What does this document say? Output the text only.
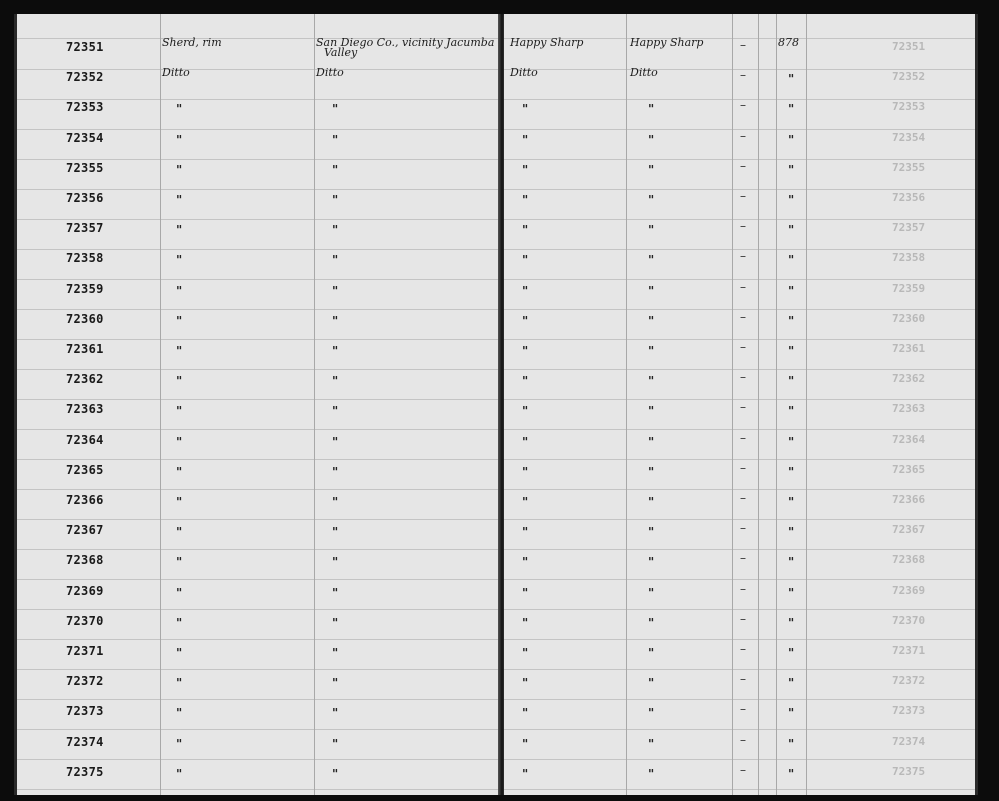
72351	Sherd, rim	San Diego Co., vicinity Jacumba
Valley
72352	Ditto	Ditto
72353	"	"
72354	"	"
72355	"	"
72356	"	"
72357	"	"
72358	"	"
72359	"	"
72360	"	"
72361	"	"
72362	"	"
72363	"	"
72364	"	"
72365	"	"
72366	"	"
72367	"	"
72368	"	"
72369	"	"
72370	"	"
72371	"	"
72372	"	"
72373	"	"
72374	"	"
72375	"	"
Happy Sharp	Happy Sharp	–	878	72351
Ditto	Ditto	–	"	72352
"	"	–	"	72353
"	"	–	"	72354
"	"	–	"	72355
"	"	–	"	72356
"	"	–	"	72357
"	"	–	"	72358
"	"	–	"	72359
"	"	–	"	72360
"	"	–	"	72361
"	"	–	"	72362
"	"	–	"	72363
"	"	–	"	72364
"	"	–	"	72365
"	"	–	"	72366
"	"	–	"	72367
"	"	–	"	72368
"	"	–	"	72369
"	"	–	"	72370
"	"	–	"	72371
"	"	–	"	72372
"	"	–	"	72373
"	"	–	"	72374
"	"	–	"	72375
